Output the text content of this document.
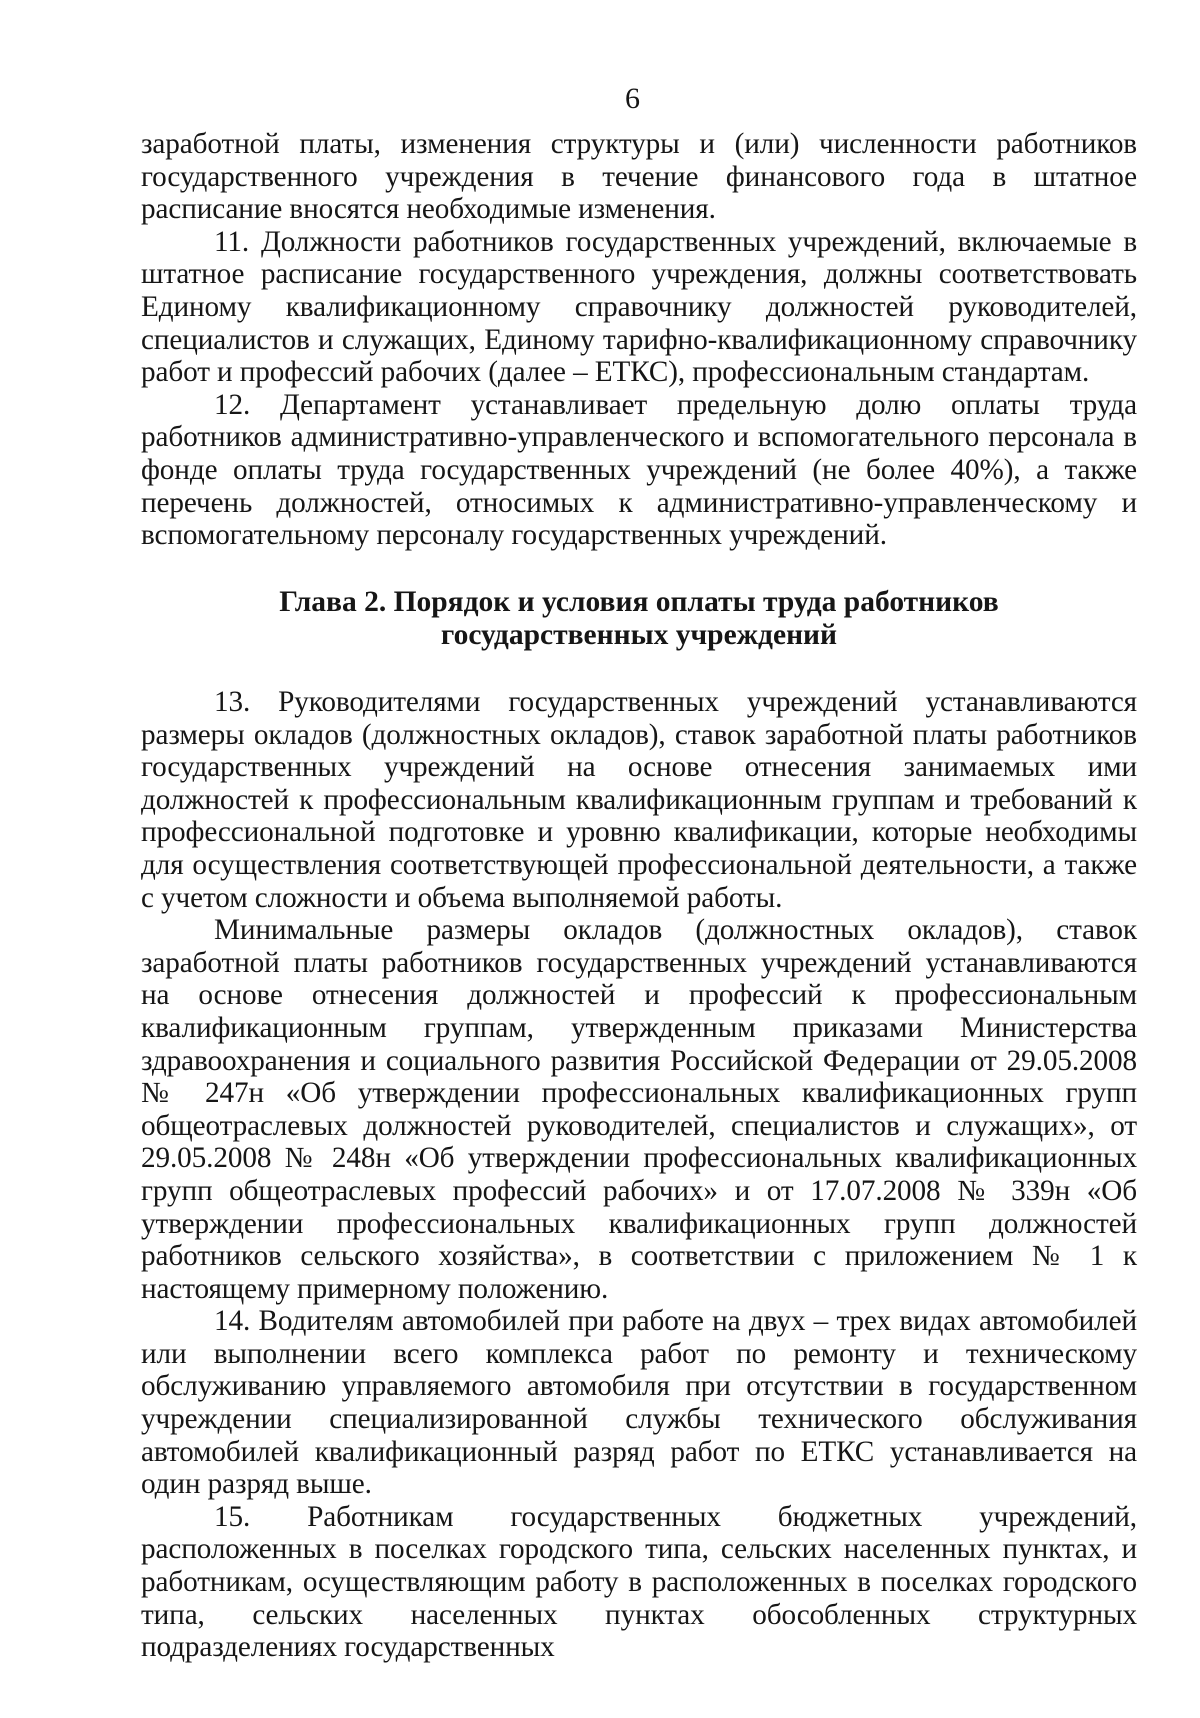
6

заработной платы, изменения структуры и (или) численности работников государственного учреждения в течение финансового года в штатное расписание вносятся необходимые изменения.

11. Должности работников государственных учреждений, включаемые в штатное расписание государственного учреждения, должны соответствовать Единому квалификационному справочнику должностей руководителей, специалистов и служащих, Единому тарифно-квалификационному справочнику работ и профессий рабочих (далее – ЕТКС), профессиональным стандартам.

12. Департамент устанавливает предельную долю оплаты труда работников административно-управленческого и вспомогательного персонала в фонде оплаты труда государственных учреждений (не более 40%), а также перечень должностей, относимых к административно-управленческому и вспомогательному персоналу государственных учреждений.

Глава 2. Порядок и условия оплаты труда работников
государственных учреждений

13. Руководителями государственных учреждений устанавливаются размеры окладов (должностных окладов), ставок заработной платы работников государственных учреждений на основе отнесения занимаемых ими должностей к профессиональным квалификационным группам и требований к профессиональной подготовке и уровню квалификации, которые необходимы для осуществления соответствующей профессиональной деятельности, а также с учетом сложности и объема выполняемой работы.

Минимальные размеры окладов (должностных окладов), ставок заработной платы работников государственных учреждений устанавливаются на основе отнесения должностей и профессий к профессиональным квалификационным группам, утвержденным приказами Министерства здравоохранения и социального развития Российской Федерации от 29.05.2008 № 247н «Об утверждении профессиональных квалификационных групп общеотраслевых должностей руководителей, специалистов и служащих», от 29.05.2008 № 248н «Об утверждении профессиональных квалификационных групп общеотраслевых профессий рабочих» и от 17.07.2008 № 339н «Об утверждении профессиональных квалификационных групп должностей работников сельского хозяйства», в соответствии с приложением № 1 к настоящему примерному положению.

14. Водителям автомобилей при работе на двух – трех видах автомобилей или выполнении всего комплекса работ по ремонту и техническому обслуживанию управляемого автомобиля при отсутствии в государственном учреждении специализированной службы технического обслуживания автомобилей квалификационный разряд работ по ЕТКС устанавливается на один разряд выше.

15. Работникам государственных бюджетных учреждений, расположенных в поселках городского типа, сельских населенных пунктах, и работникам, осуществляющим работу в расположенных в поселках городского типа, сельских населенных пунктах обособленных структурных подразделениях государственных
